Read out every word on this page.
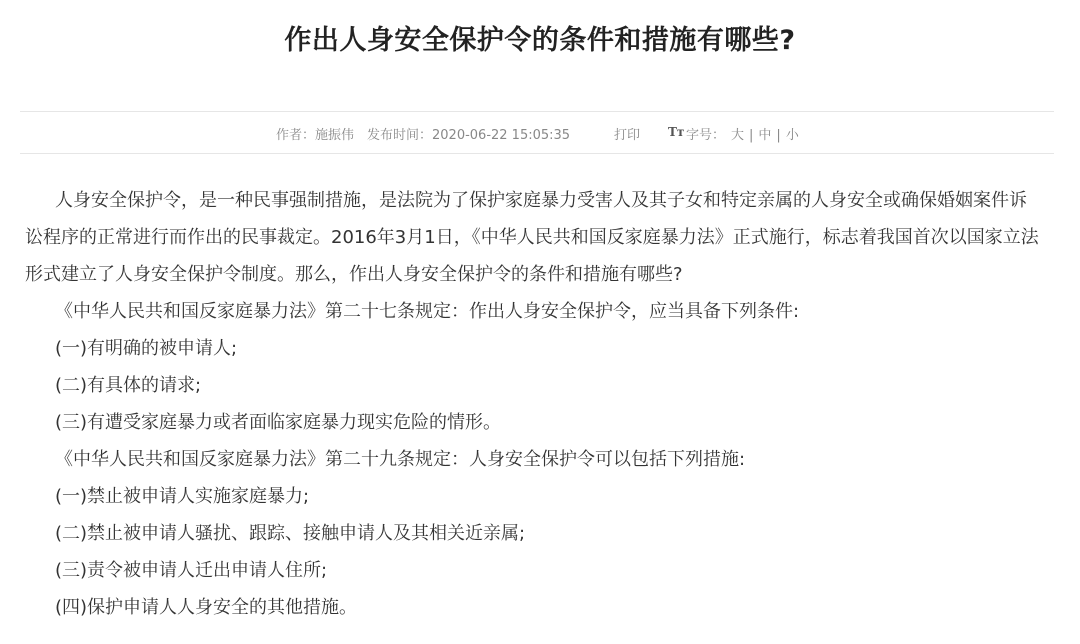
作出人身安全保护令的条件和措施有哪些?
作者：施振伟 发布时间：2020-06-22 15:05:35	打印 Tт 字号： 大 | 中 | 小
人身安全保护令，是一种民事强制措施，是法院为了保护家庭暴力受害人及其子女和特定亲属的人身安全或确保婚姻案件诉
讼程序的正常进行而作出的民事裁定。2016年3月1日，《中华人民共和国反家庭暴力法》正式施行，标志着我国首次以国家立法
形式建立了人身安全保护令制度。那么，作出人身安全保护令的条件和措施有哪些?
《中华人民共和国反家庭暴力法》第二十七条规定：作出人身安全保护令，应当具备下列条件:
(一)有明确的被申请人;
(二)有具体的请求;
(三)有遭受家庭暴力或者面临家庭暴力现实危险的情形。
《中华人民共和国反家庭暴力法》第二十九条规定：人身安全保护令可以包括下列措施:
(一)禁止被申请人实施家庭暴力;
(二)禁止被申请人骚扰、跟踪、接触申请人及其相关近亲属;
(三)责令被申请人迁出申请人住所;
(四)保护申请人人身安全的其他措施。
